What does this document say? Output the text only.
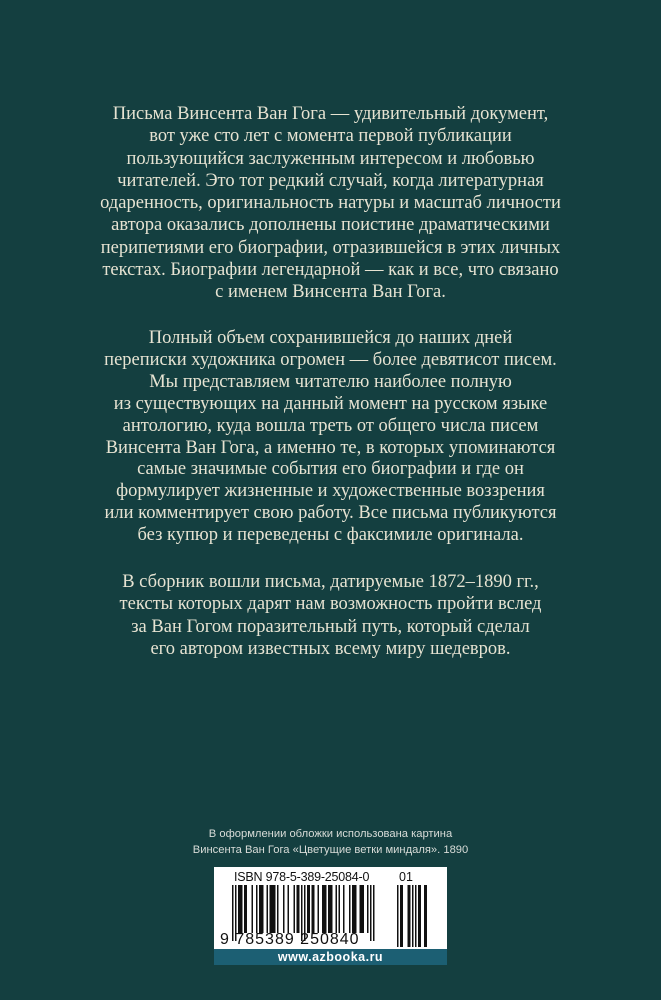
Письма Винсента Ван Гога — удивительный документ,
вот уже сто лет с момента первой публикации
пользующийся заслуженным интересом и любовью
читателей. Это тот редкий случай, когда литературная
одаренность, оригинальность натуры и масштаб личности
автора оказались дополнены поистине драматическими
перипетиями его биографии, отразившейся в этих личных
текстах. Биографии легендарной — как и все, что связано
с именем Винсента Ван Гога.
Полный объем сохранившейся до наших дней
переписки художника огромен — более девятисот писем.
Мы представляем читателю наиболее полную
из существующих на данный момент на русском языке
антологию, куда вошла треть от общего числа писем
Винсента Ван Гога, а именно те, в которых упоминаются
самые значимые события его биографии и где он
формулирует жизненные и художественные воззрения
или комментирует свою работу. Все письма публикуются
без купюр и переведены с факсимиле оригинала.
В сборник вошли письма, датируемые 1872–1890 гг.,
тексты которых дарят нам возможность пройти вслед
за Ван Гогом поразительный путь, который сделал
его автором известных всему миру шедевров.
В оформлении обложки использована картина
Винсента Ван Гога «Цветущие ветки миндаля». 1890
ISBN 978-5-389-25084-0 01
9 785389 250840
www.azbooka.ru
